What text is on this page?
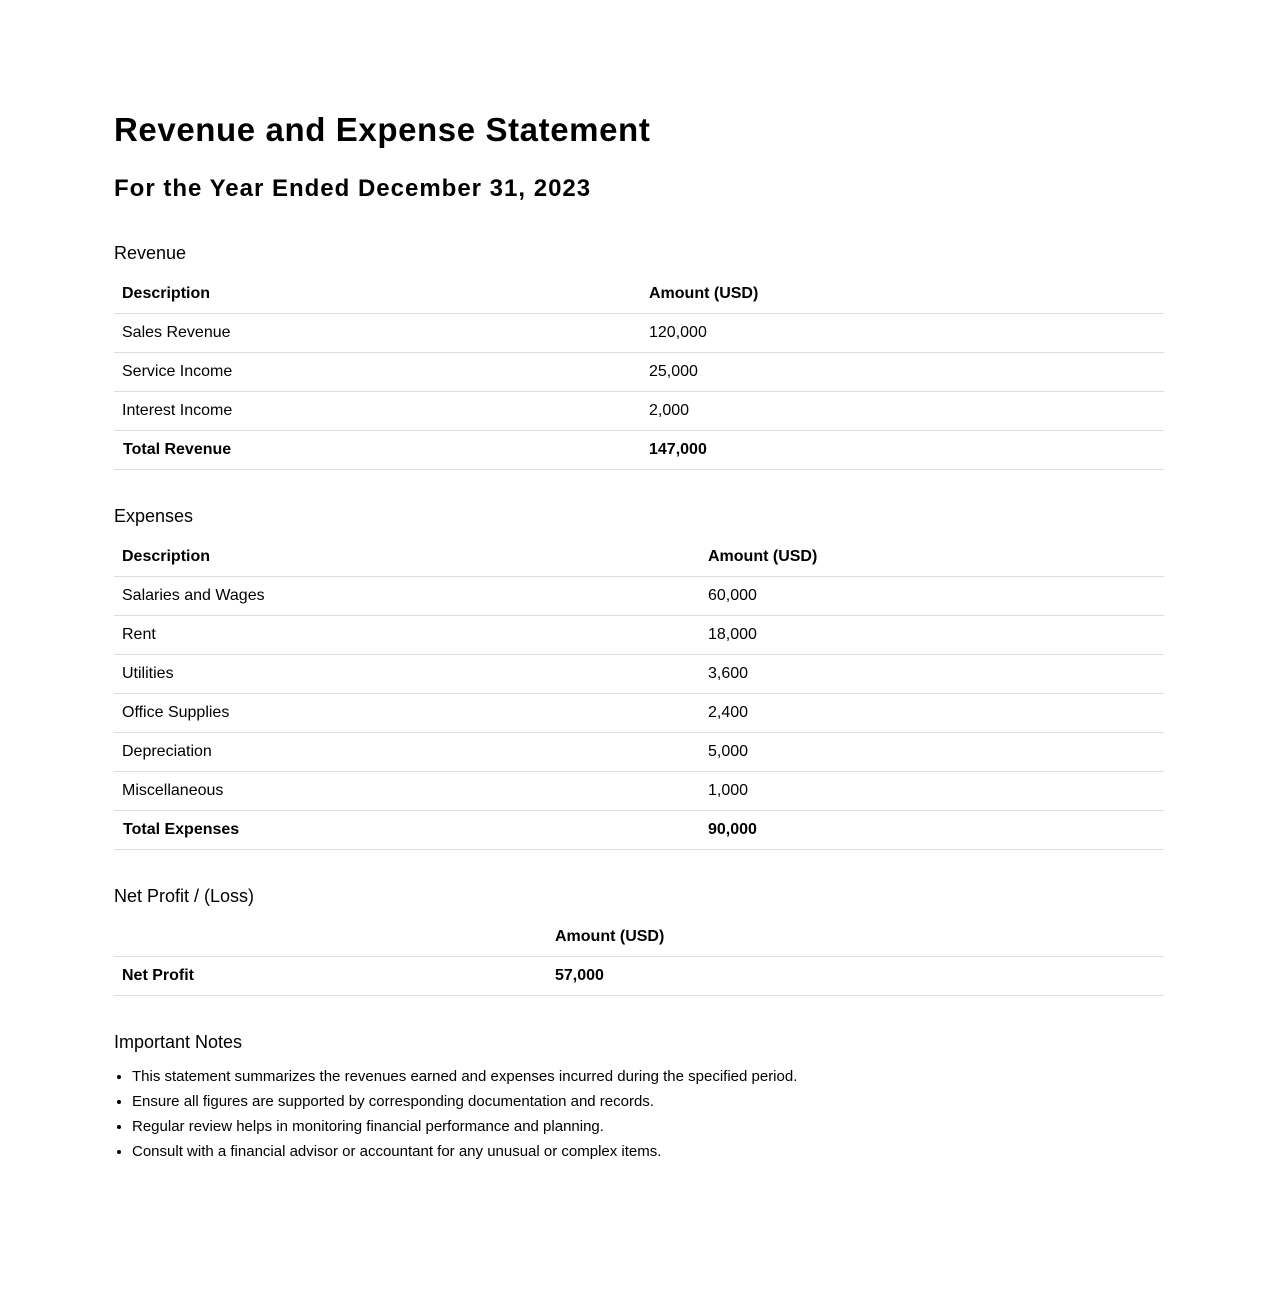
Revenue and Expense Statement
For the Year Ended December 31, 2023
Revenue
Description	Amount (USD)
Sales Revenue	120,000
Service Income	25,000
Interest Income	2,000
Total Revenue	147,000
Expenses
Description	Amount (USD)
Salaries and Wages	60,000
Rent	18,000
Utilities	3,600
Office Supplies	2,400
Depreciation	5,000
Miscellaneous	1,000
Total Expenses	90,000
Net Profit / (Loss)
	Amount (USD)
Net Profit	57,000
Important Notes
• This statement summarizes the revenues earned and expenses incurred during the specified period.
• Ensure all figures are supported by corresponding documentation and records.
• Regular review helps in monitoring financial performance and planning.
• Consult with a financial advisor or accountant for any unusual or complex items.
